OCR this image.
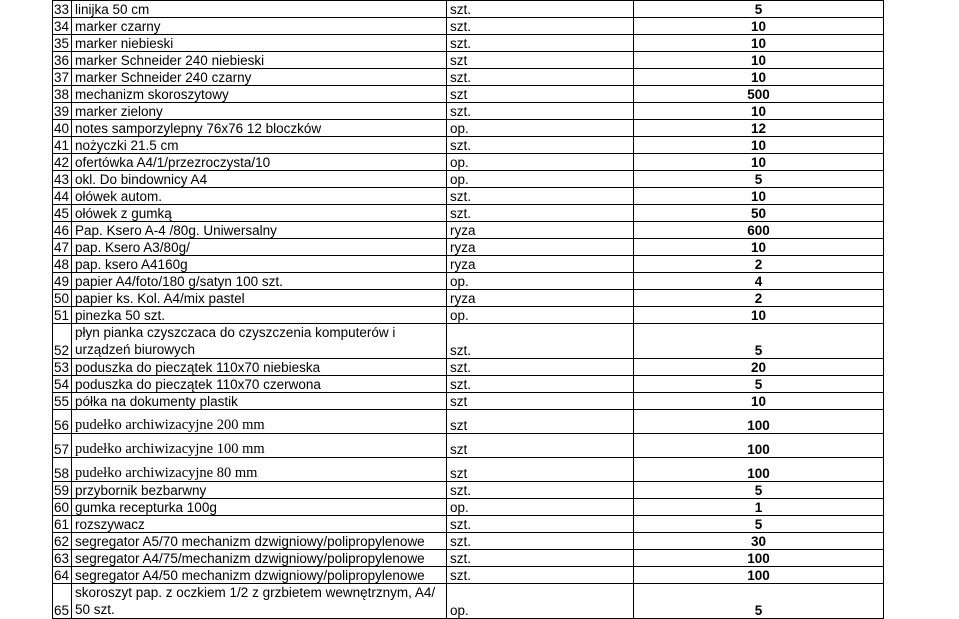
33	linijka 50 cm	szt.	5
34	marker czarny	szt.	10
35	marker niebieski	szt.	10
36	marker Schneider 240 niebieski	szt	10
37	marker Schneider 240 czarny	szt.	10
38	mechanizm skoroszytowy	szt	500
39	marker zielony	szt.	10
40	notes samporzylepny 76x76 12 bloczków	op.	12
41	nożyczki 21.5 cm	szt.	10
42	ofertówka A4/1/przezroczysta/10	op.	10
43	okl. Do bindownicy A4	op.	5
44	ołówek autom.	szt.	10
45	ołówek z gumką	szt.	50
46	Pap. Ksero A-4 /80g. Uniwersalny	ryza	600
47	pap. Ksero A3/80g/	ryza	10
48	pap. ksero A4160g	ryza	2
49	papier A4/foto/180 g/satyn 100 szt.	op.	4
50	papier ks. Kol. A4/mix pastel	ryza	2
51	pinezka 50 szt.	op.	10
52	płyn pianka czyszczaca do czyszczenia komputerów i urządzeń biurowych	szt.	5
53	poduszka do pieczątek 110x70 niebieska	szt.	20
54	poduszka do pieczątek 110x70 czerwona	szt.	5
55	półka na dokumenty plastik	szt	10
56	pudełko archiwizacyjne 200 mm	szt	100
57	pudełko archiwizacyjne 100 mm	szt	100
58	pudełko archiwizacyjne 80 mm	szt	100
59	przybornik bezbarwny	szt.	5
60	gumka recepturka 100g	op.	1
61	rozszywacz	szt.	5
62	segregator A5/70 mechanizm dzwigniowy/polipropylenowe	szt.	30
63	segregator A4/75/mechanizm dzwigniowy/polipropylenowe	szt.	100
64	segregator A4/50 mechanizm dzwigniowy/polipropylenowe	szt.	100
65	skoroszyt pap. z oczkiem 1/2 z grzbietem wewnętrznym, A4/ 50 szt.	op.	5
